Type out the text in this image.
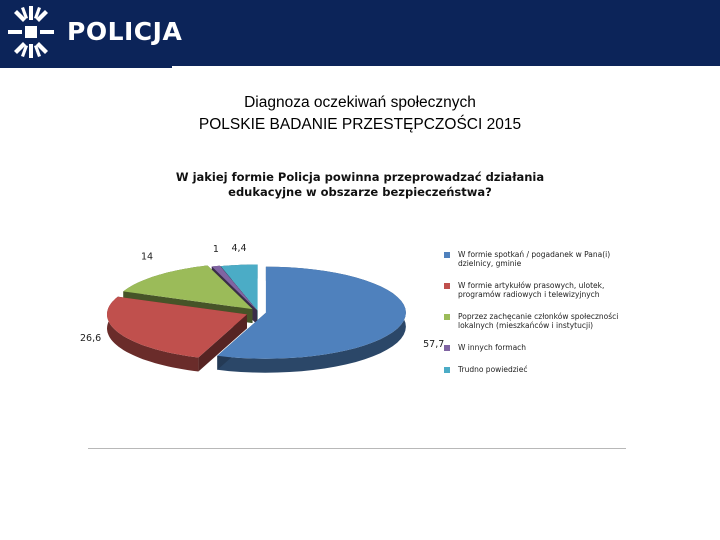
POLICJA
Diagnoza oczekiwań społecznych
POLSKIE BADANIE PRZESTĘPCZOŚCI 2015
W jakiej formie Policja powinna przeprowadzać działania
edukacyjne w obszarze bezpieczeństwa?
57,7
26,6
14
1 4,4
W formie spotkań / pogadanek w Pana(i) dzielnicy, gminie
W formie artykułów prasowych, ulotek, programów radiowych i telewizyjnych
Poprzez zachęcanie członków społeczności lokalnych (mieszkańców i instytucji)
W innych formach
Trudno powiedzieć
